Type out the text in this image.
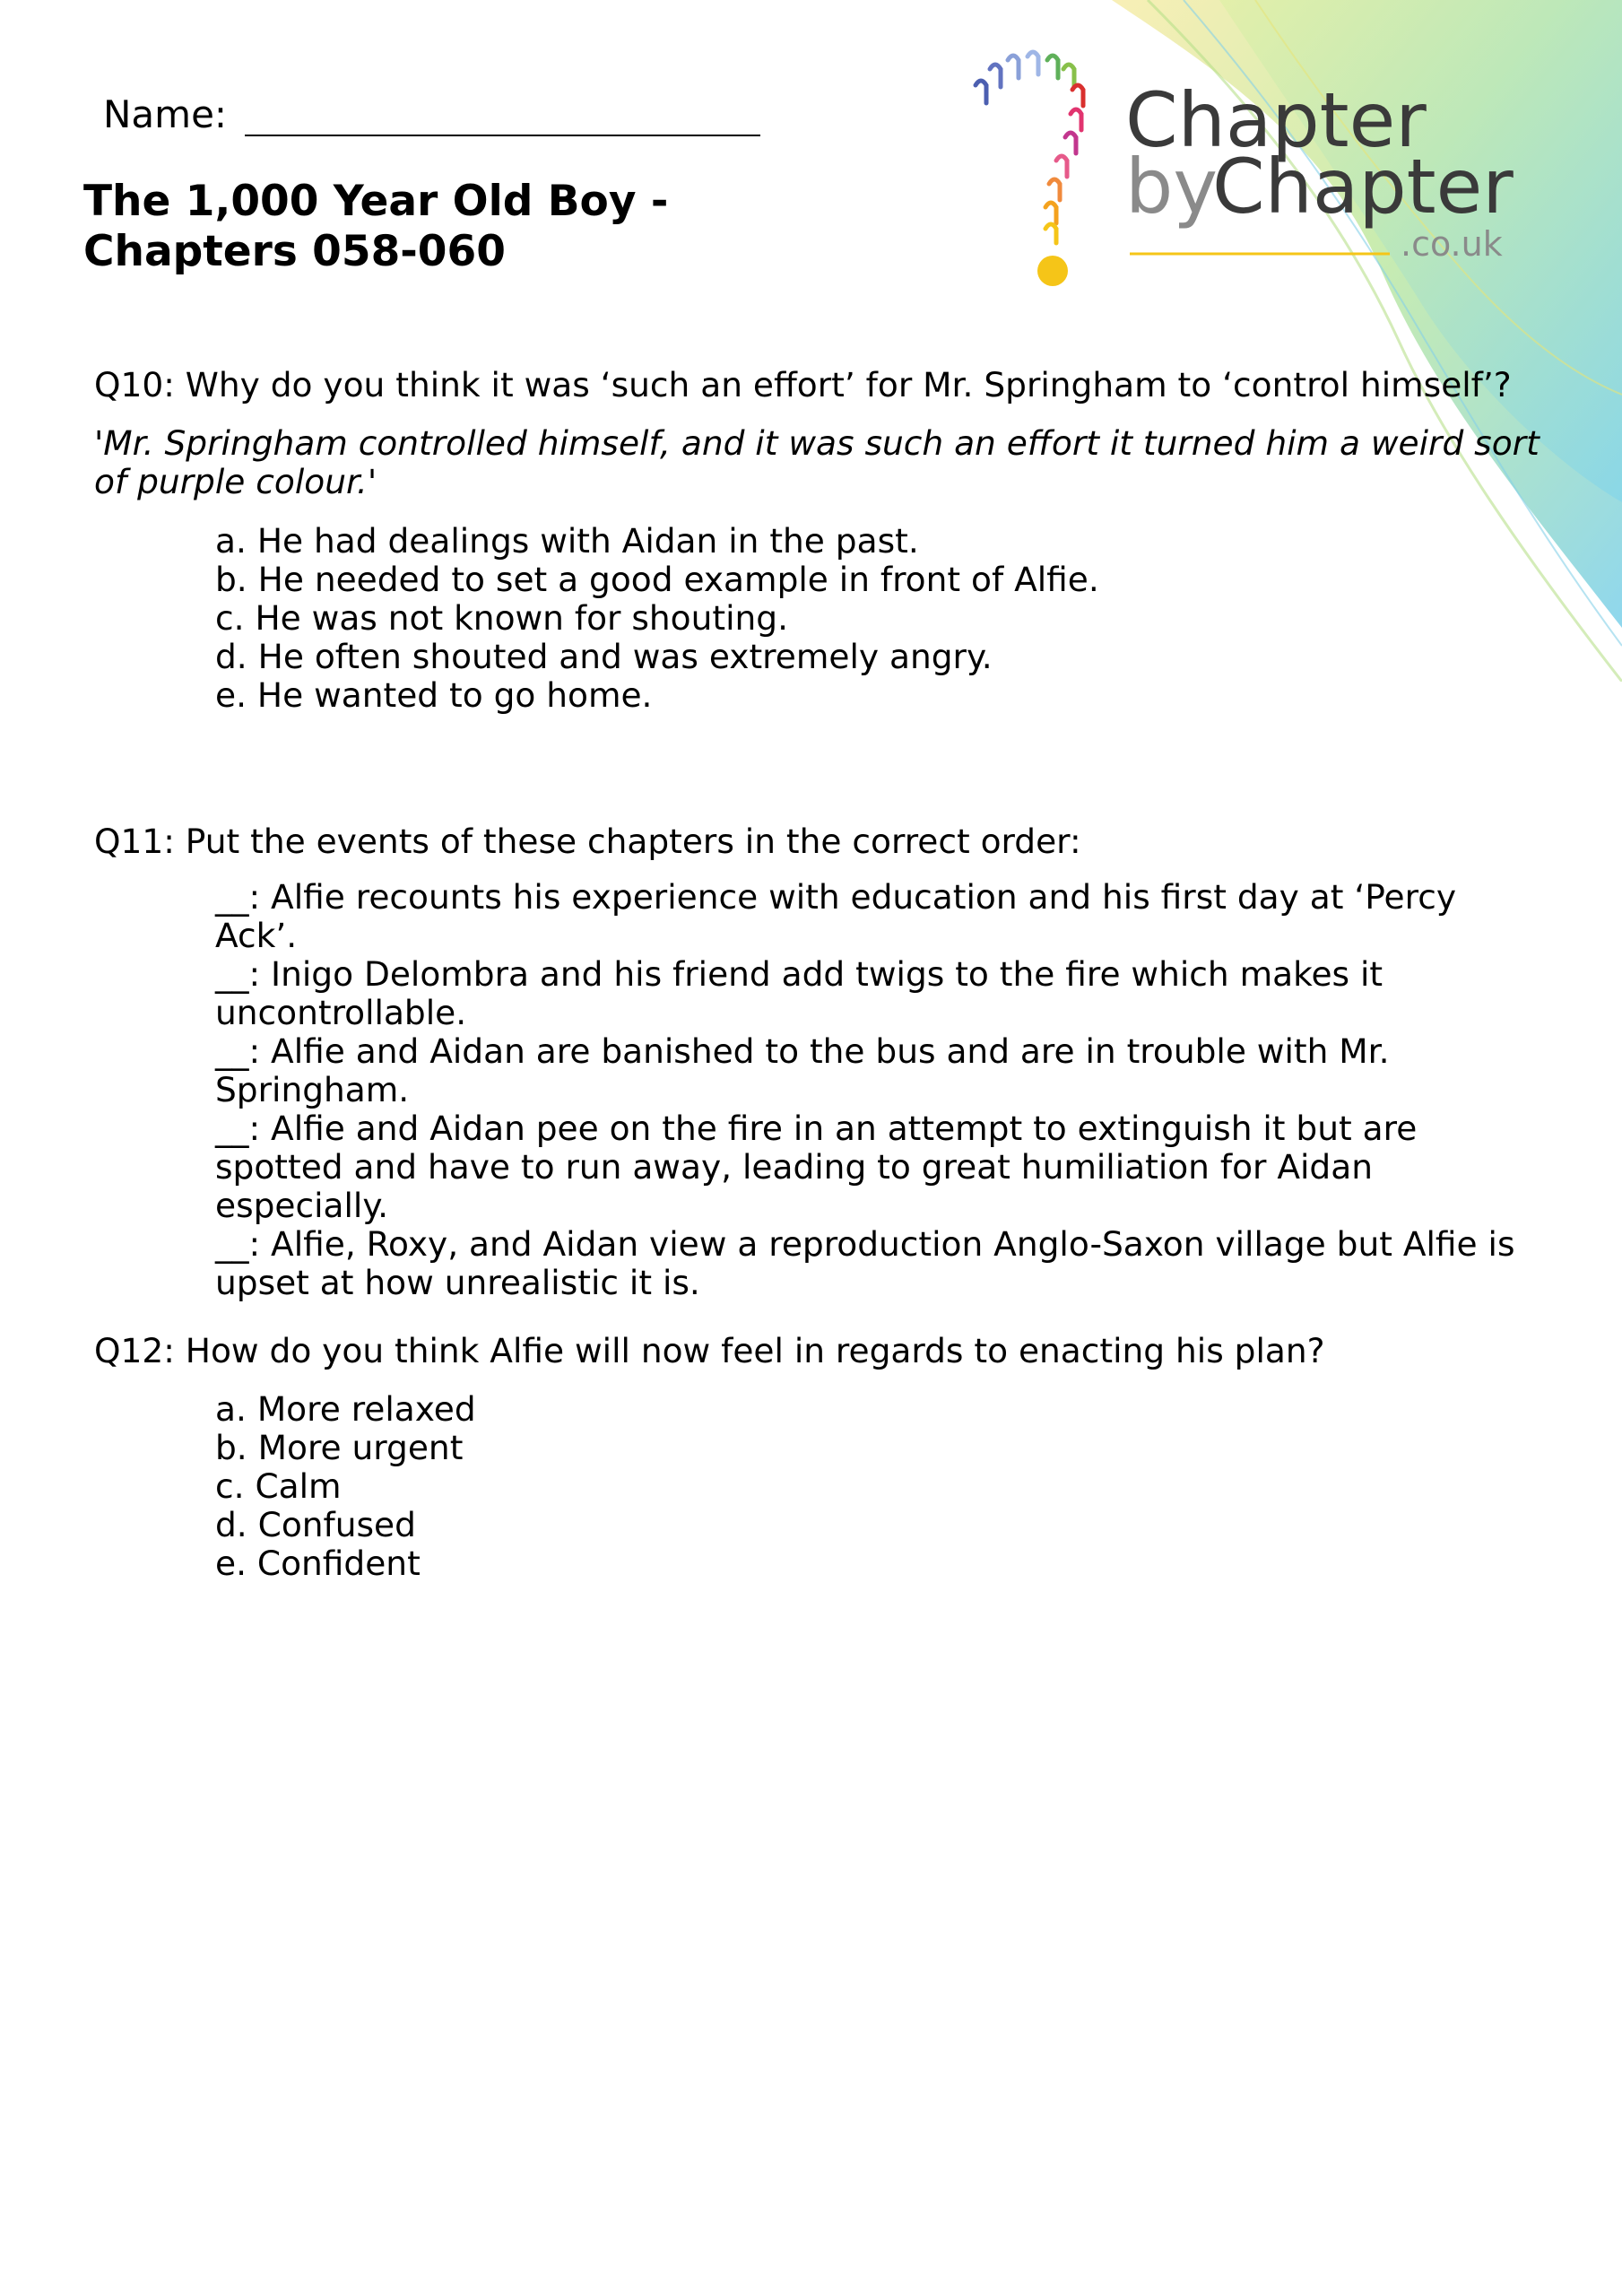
Chapter
by
Chapter
.co.uk
Name:
The 1,000 Year Old Boy - Chapters 058-060

Q10: Why do you think it was ‘such an effort’ for Mr. Springham to ‘control himself’?

'Mr. Springham controlled himself, and it was such an effort it turned him a weird sort of purple colour.'

a. He had dealings with Aidan in the past.
b. He needed to set a good example in front of Alfie.
c. He was not known for shouting.
d. He often shouted and was extremely angry.
e. He wanted to go home.

Q11: Put the events of these chapters in the correct order:

__: Alfie recounts his experience with education and his first day at ‘Percy Ack’.
__: Inigo Delombra and his friend add twigs to the fire which makes it uncontrollable.
__: Alfie and Aidan are banished to the bus and are in trouble with Mr. Springham.
__: Alfie and Aidan pee on the fire in an attempt to extinguish it but are spotted and have to run away, leading to great humiliation for Aidan especially.
__: Alfie, Roxy, and Aidan view a reproduction Anglo-Saxon village but Alfie is upset at how unrealistic it is.

Q12: How do you think Alfie will now feel in regards to enacting his plan?

a. More relaxed
b. More urgent
c. Calm
d. Confused
e. Confident
